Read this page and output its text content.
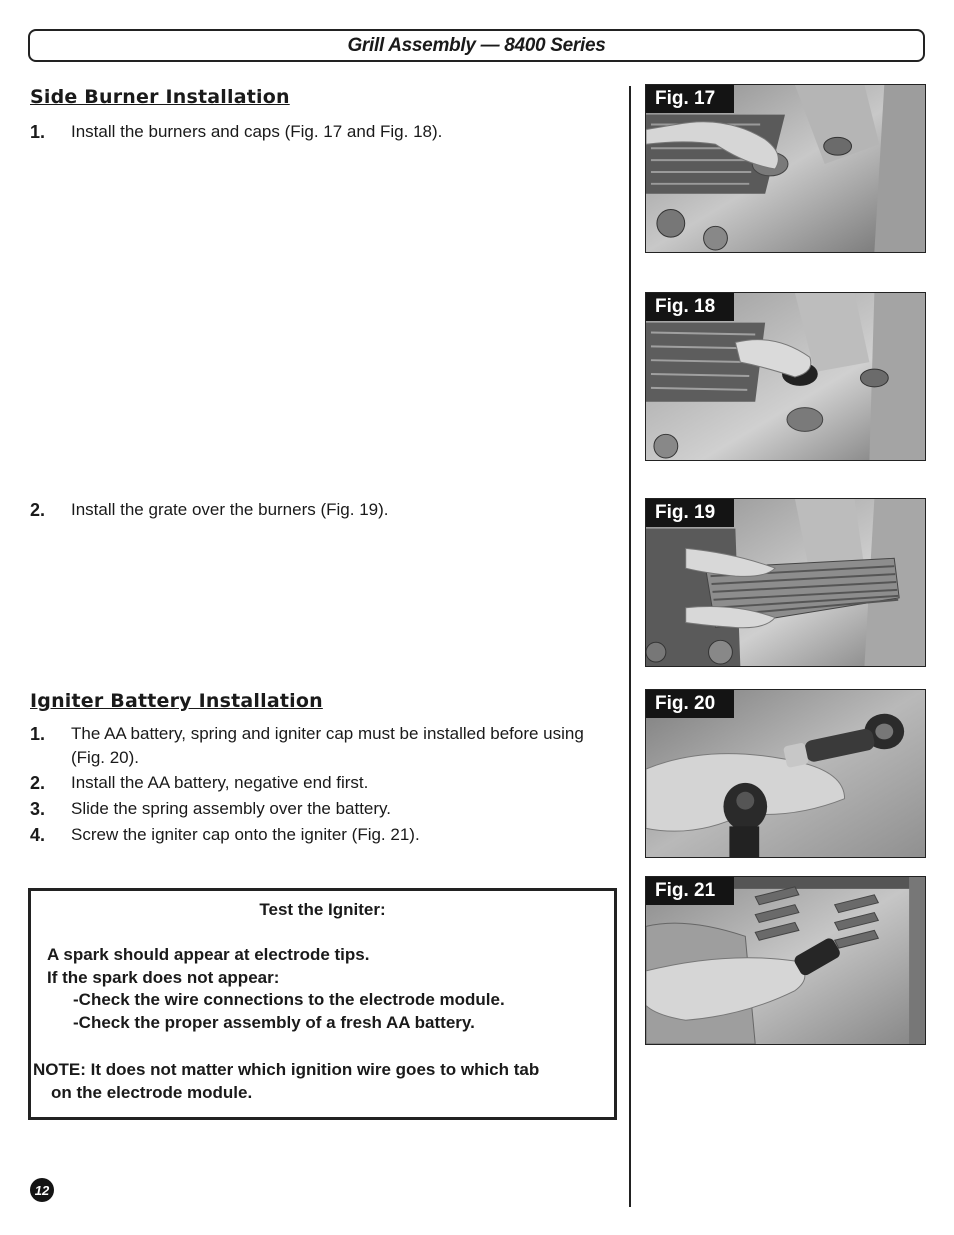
Grill Assembly — 8400 Series
Side Burner Installation
1.	Install the burners and caps (Fig. 17 and Fig. 18).
2.	Install the grate over the burners (Fig. 19).
Igniter Battery Installation
1.	The AA battery, spring and igniter cap must be installed before using (Fig. 20).
2.	Install the AA battery, negative end first.
3.	Slide the spring assembly over the battery.
4.	Screw the igniter cap onto the igniter (Fig. 21).
Test the Igniter:
A spark should appear at electrode tips.
If the spark does not appear:
-Check the wire connections to the electrode module.
-Check the proper assembly of a fresh AA battery.
NOTE: It does not matter which ignition wire goes to which tab
on the electrode module.
Fig. 17
Fig. 18
Fig. 19
Fig. 20
Fig. 21
12
